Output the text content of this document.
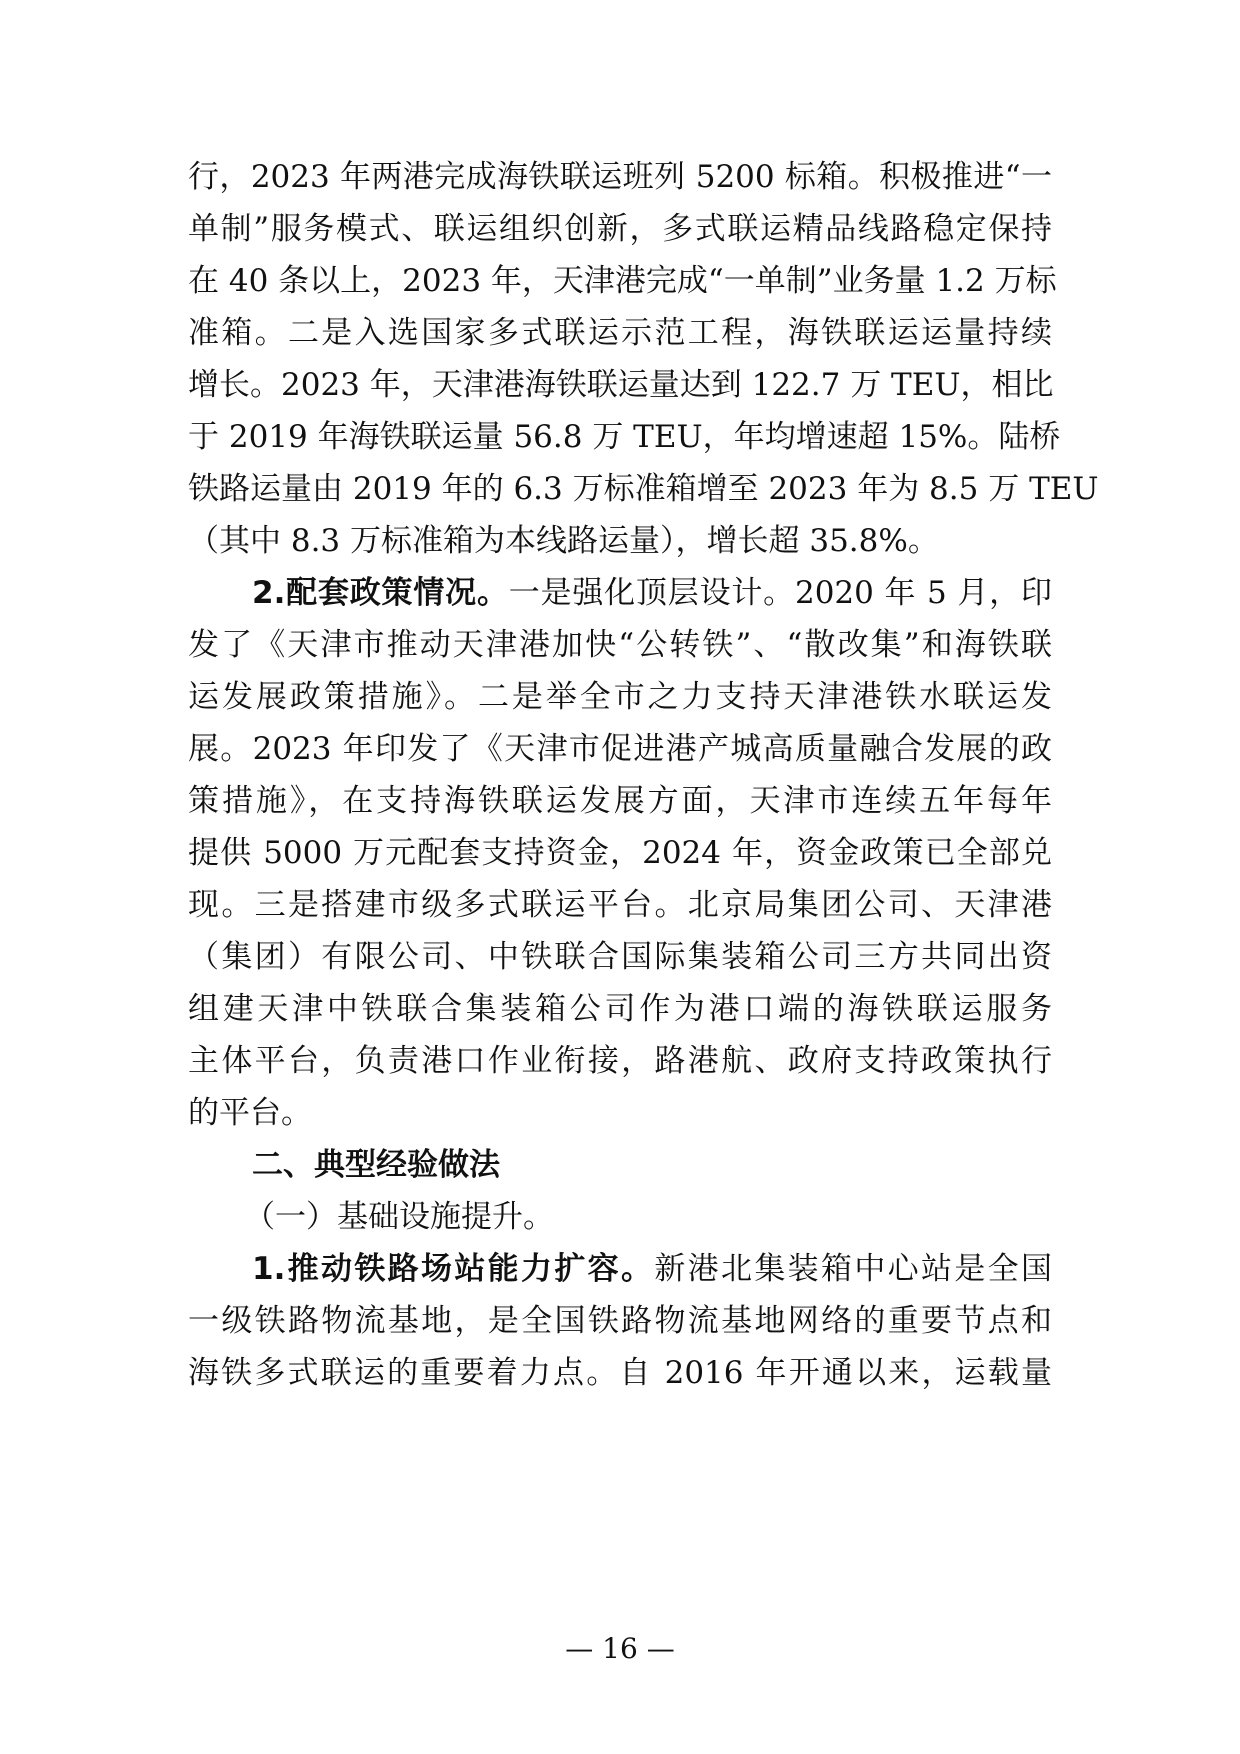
行，2023 年两港完成海铁联运班列 5200 标箱。积极推进“一
单制”服务模式、联运组织创新，多式联运精品线路稳定保持
在 40 条以上，2023 年，天津港完成“一单制”业务量 1.2 万标
准箱。二是入选国家多式联运示范工程，海铁联运运量持续
增长。2023 年，天津港海铁联运量达到 122.7 万 TEU，相比
于 2019 年海铁联运量 56.8 万 TEU，年均增速超 15%。陆桥
铁路运量由 2019 年的 6.3 万标准箱增至 2023 年为 8.5 万 TEU
（其中 8.3 万标准箱为本线路运量），增长超 35.8%。
2.配套政策情况。一是强化顶层设计。2020 年 5 月，印
发了《天津市推动天津港加快“公转铁”、“散改集”和海铁联
运发展政策措施》。二是举全市之力支持天津港铁水联运发
展。2023 年印发了《天津市促进港产城高质量融合发展的政
策措施》，在支持海铁联运发展方面，天津市连续五年每年
提供 5000 万元配套支持资金，2024 年，资金政策已全部兑
现。三是搭建市级多式联运平台。北京局集团公司、天津港
（集团）有限公司、中铁联合国际集装箱公司三方共同出资
组建天津中铁联合集装箱公司作为港口端的海铁联运服务
主体平台，负责港口作业衔接，路港航、政府支持政策执行
的平台。
二、典型经验做法
（一）基础设施提升。
1.推动铁路场站能力扩容。新港北集装箱中心站是全国
一级铁路物流基地，是全国铁路物流基地网络的重要节点和
海铁多式联运的重要着力点。自 2016 年开通以来，运载量
— 16 —
